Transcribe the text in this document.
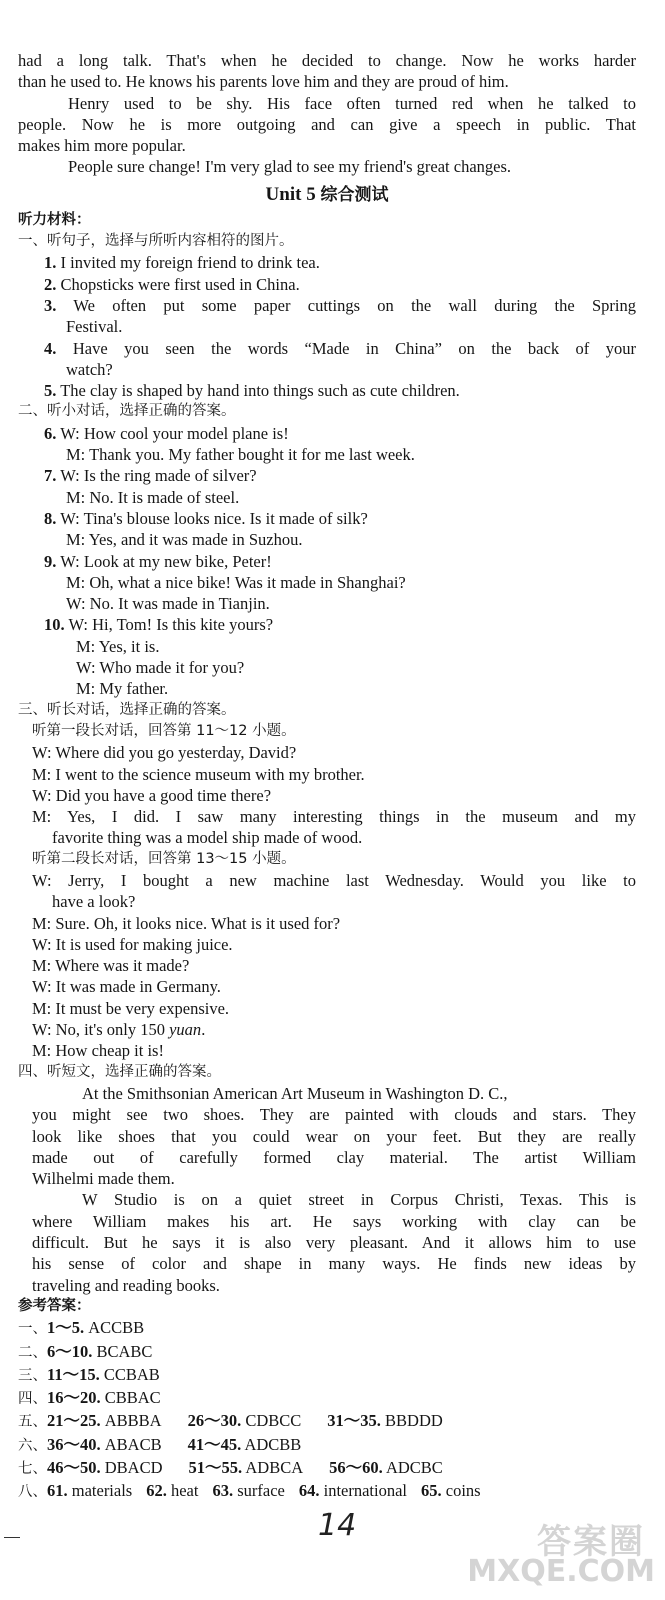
had a long talk. That's when he decided to change. Now he works harder
than he used to. He knows his parents love him and they are proud of him.
Henry used to be shy. His face often turned red when he talked to
people. Now he is more outgoing and can give a speech in public. That
makes him more popular.
People sure change! I'm very glad to see my friend's great changes.
Unit 5 综合测试
听力材料：
一、听句子，选择与所听内容相符的图片。
1. I invited my foreign friend to drink tea.
2. Chopsticks were first used in China.
3. We often put some paper cuttings on the wall during the Spring
Festival.
4. Have you seen the words “Made in China” on the back of your
watch?
5. The clay is shaped by hand into things such as cute children.
二、听小对话，选择正确的答案。
6. W: How cool your model plane is!
M: Thank you. My father bought it for me last week.
7. W: Is the ring made of silver?
M: No. It is made of steel.
8. W: Tina's blouse looks nice. Is it made of silk?
M: Yes, and it was made in Suzhou.
9. W: Look at my new bike, Peter!
M: Oh, what a nice bike! Was it made in Shanghai?
W: No. It was made in Tianjin.
10. W: Hi, Tom! Is this kite yours?
M: Yes, it is.
W: Who made it for you?
M: My father.
三、听长对话，选择正确的答案。
听第一段长对话，回答第 11～12 小题。
W: Where did you go yesterday, David?
M: I went to the science museum with my brother.
W: Did you have a good time there?
M: Yes, I did. I saw many interesting things in the museum and my
favorite thing was a model ship made of wood.
听第二段长对话，回答第 13～15 小题。
W: Jerry, I bought a new machine last Wednesday. Would you like to
have a look?
M: Sure. Oh, it looks nice. What is it used for?
W: It is used for making juice.
M: Where was it made?
W: It was made in Germany.
M: It must be very expensive.
W: No, it's only 150 yuan.
M: How cheap it is!
四、听短文，选择正确的答案。
At the Smithsonian American Art Museum in Washington D. C.,
you might see two shoes. They are painted with clouds and stars. They
look like shoes that you could wear on your feet. But they are really
made out of carefully formed clay material. The artist William
Wilhelmi made them.
W Studio is on a quiet street in Corpus Christi, Texas. This is
where William makes his art. He says working with clay can be
difficult. But he says it is also very pleasant. And it allows him to use
his sense of color and shape in many ways. He finds new ideas by
traveling and reading books.
参考答案：
一、1～5. ACCBB
二、6～10. BCABC
三、11～15. CCBAB
四、16～20. CBBAC
五、21～25. ABBBA 26～30. CDBCC 31～35. BBDDD
六、36～40. ABACB 41～45. ADCBB
七、46～50. DBACD 51～55. ADBCA 56～60. ADCBC
八、61. materials 62. heat 63. surface 64. international 65. coins
14	答案圈
MXQE.COM
